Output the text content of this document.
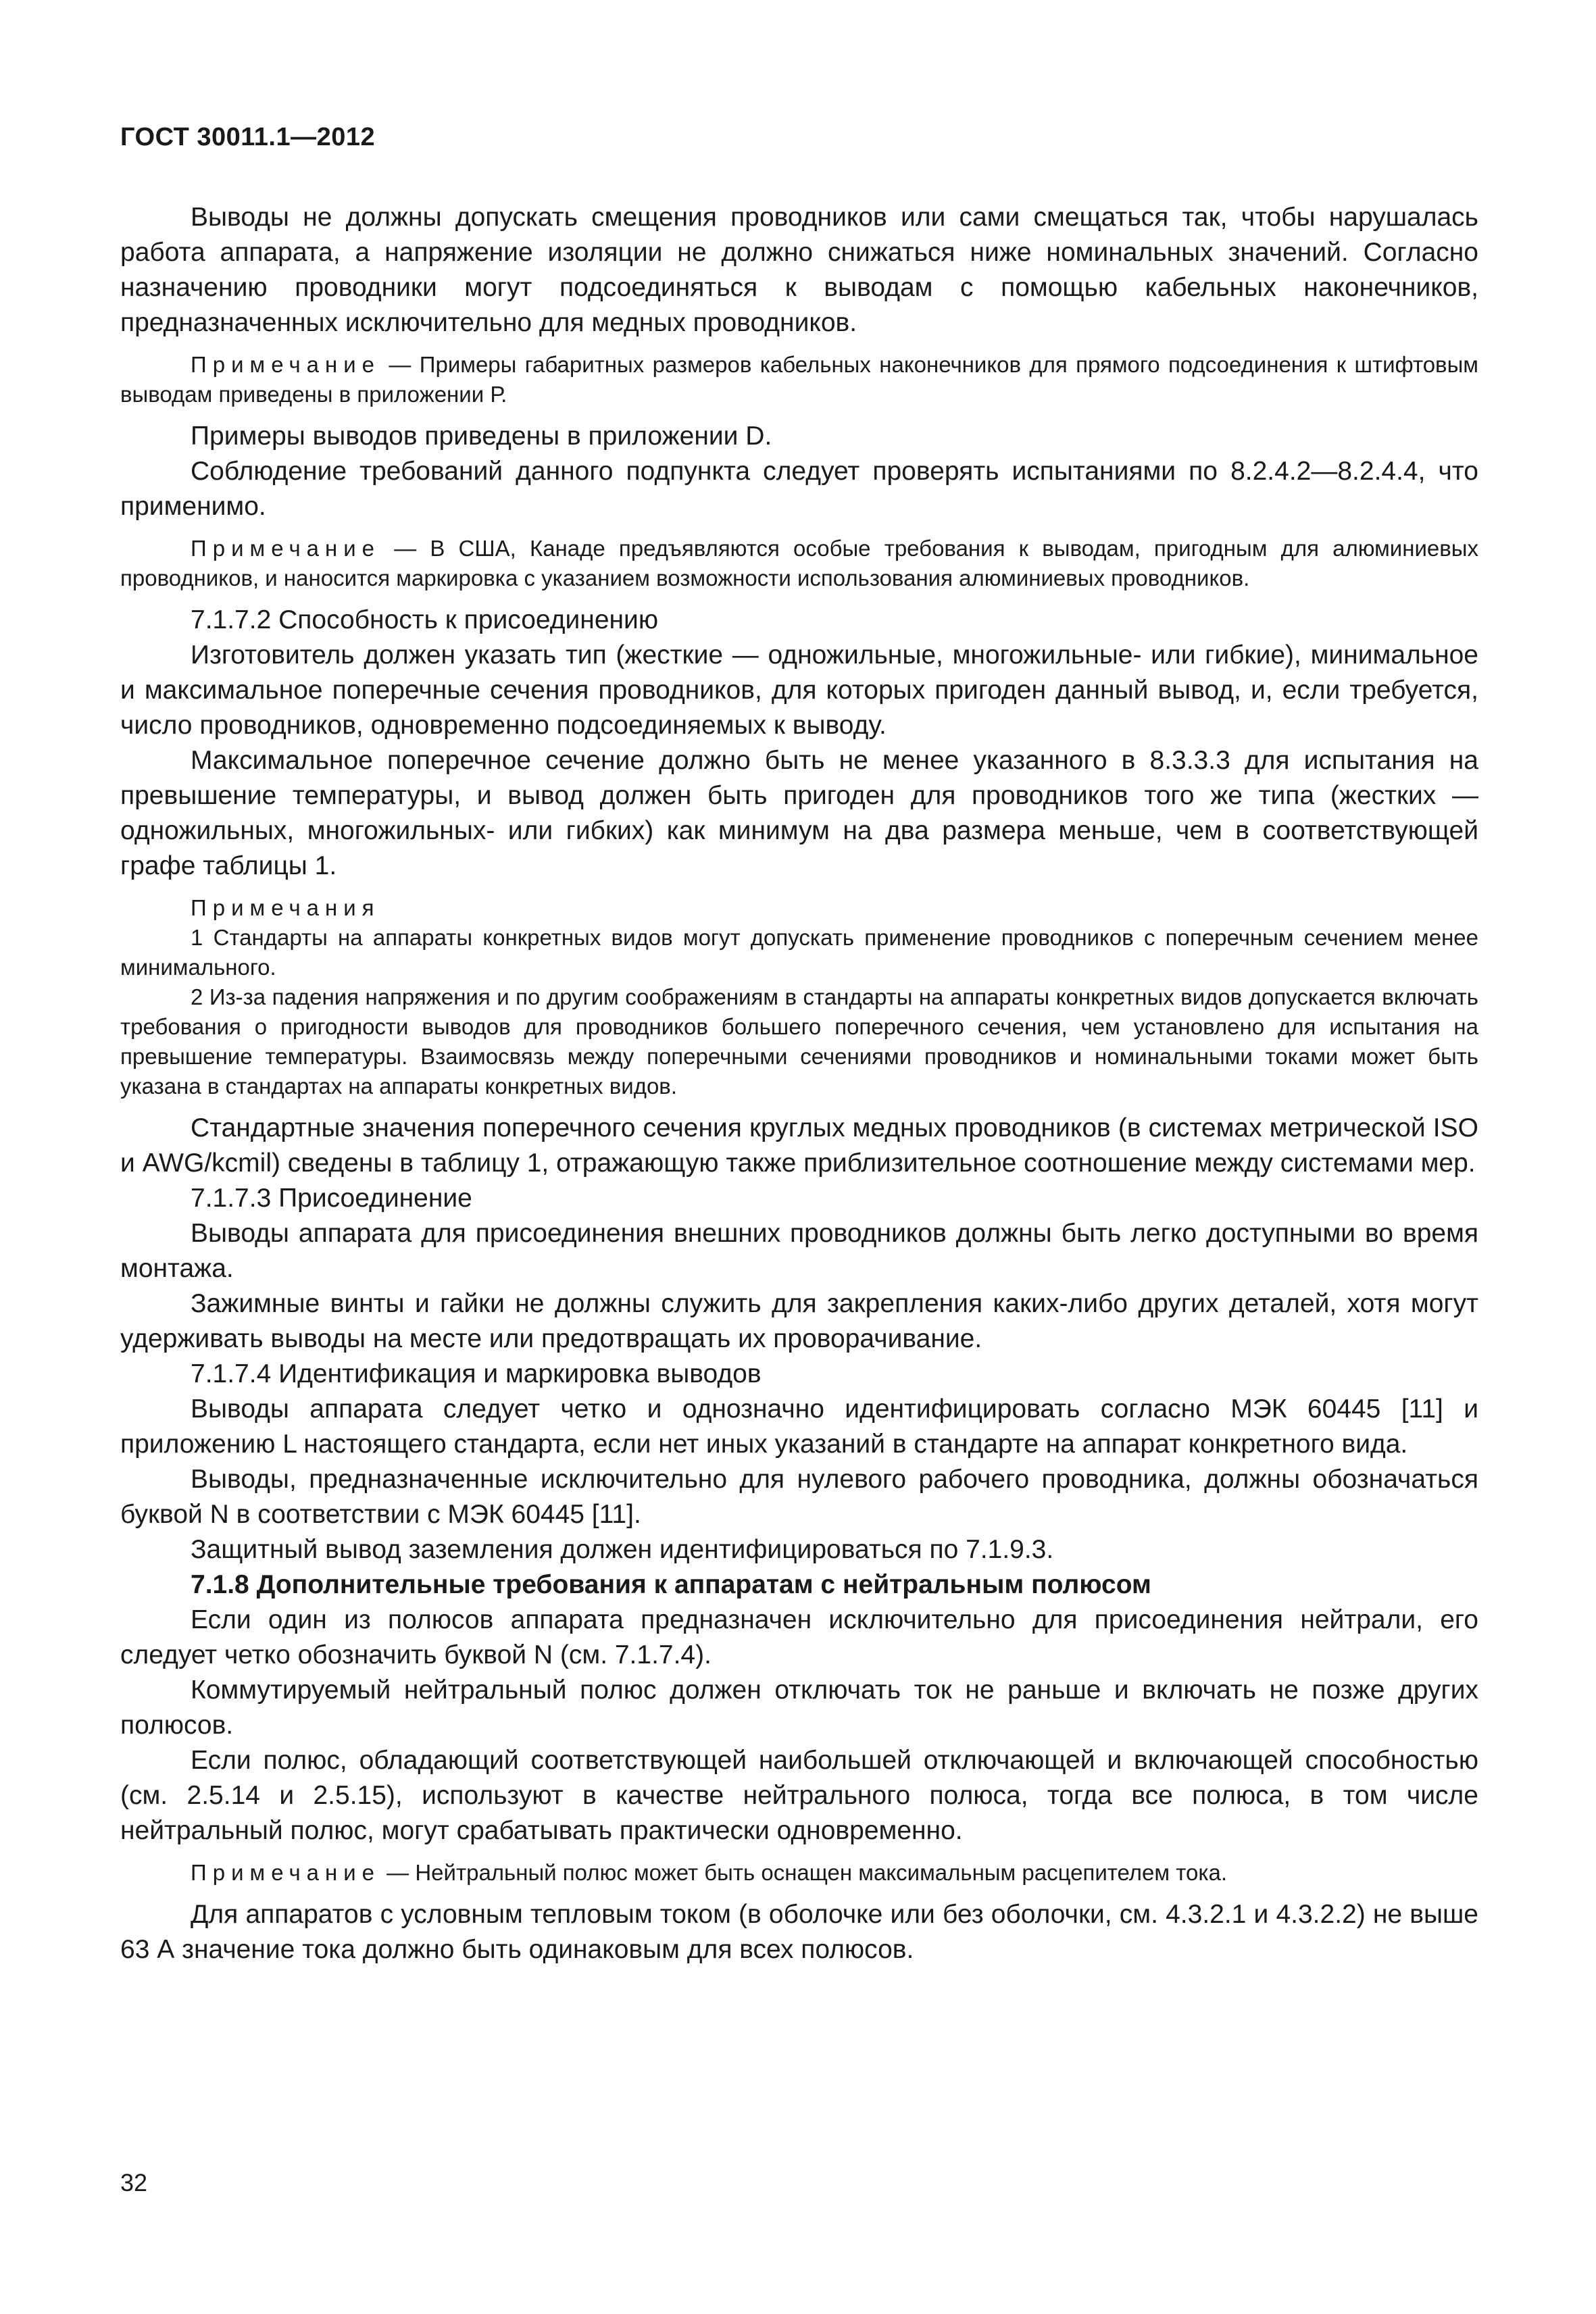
ГОСТ 30011.1—2012

Выводы не должны допускать смещения проводников или сами смещаться так, чтобы нарушалась работа аппарата, а напряжение изоляции не должно снижаться ниже номинальных значений. Согласно назначению проводники могут подсоединяться к выводам с помощью кабельных наконечников, предназначенных исключительно для медных проводников.

Примечание — Примеры габаритных размеров кабельных наконечников для прямого подсоединения к штифтовым выводам приведены в приложении Р.

Примеры выводов приведены в приложении D.

Соблюдение требований данного подпункта следует проверять испытаниями по 8.2.4.2—8.2.4.4, что применимо.

Примечание — В США, Канаде предъявляются особые требования к выводам, пригодным для алюминиевых проводников, и наносится маркировка с указанием возможности использования алюминиевых проводников.

7.1.7.2 Способность к присоединению

Изготовитель должен указать тип (жесткие — одножильные, многожильные- или гибкие), минимальное и максимальное поперечные сечения проводников, для которых пригоден данный вывод, и, если требуется, число проводников, одновременно подсоединяемых к выводу.

Максимальное поперечное сечение должно быть не менее указанного в 8.3.3.3 для испытания на превышение температуры, и вывод должен быть пригоден для проводников того же типа (жестких — одножильных, многожильных- или гибких) как минимум на два размера меньше, чем в соответствующей графе таблицы 1.

Примечания

1 Стандарты на аппараты конкретных видов могут допускать применение проводников с поперечным сечением менее минимального.

2 Из-за падения напряжения и по другим соображениям в стандарты на аппараты конкретных видов допускается включать требования о пригодности выводов для проводников большего поперечного сечения, чем установлено для испытания на превышение температуры. Взаимосвязь между поперечными сечениями проводников и номинальными токами может быть указана в стандартах на аппараты конкретных видов.

Стандартные значения поперечного сечения круглых медных проводников (в системах метрической ISO и AWG/kcmil) сведены в таблицу 1, отражающую также приблизительное соотношение между системами мер.

7.1.7.3 Присоединение

Выводы аппарата для присоединения внешних проводников должны быть легко доступными во время монтажа.

Зажимные винты и гайки не должны служить для закрепления каких-либо других деталей, хотя могут удерживать выводы на месте или предотвращать их проворачивание.

7.1.7.4 Идентификация и маркировка выводов

Выводы аппарата следует четко и однозначно идентифицировать согласно МЭК 60445 [11] и приложению L настоящего стандарта, если нет иных указаний в стандарте на аппарат конкретного вида.

Выводы, предназначенные исключительно для нулевого рабочего проводника, должны обозначаться буквой N в соответствии с МЭК 60445 [11].

Защитный вывод заземления должен идентифицироваться по 7.1.9.3.

7.1.8 Дополнительные требования к аппаратам с нейтральным полюсом

Если один из полюсов аппарата предназначен исключительно для присоединения нейтрали, его следует четко обозначить буквой N (см. 7.1.7.4).

Коммутируемый нейтральный полюс должен отключать ток не раньше и включать не позже других полюсов.

Если полюс, обладающий соответствующей наибольшей отключающей и включающей способностью (см. 2.5.14 и 2.5.15), используют в качестве нейтрального полюса, тогда все полюса, в том числе нейтральный полюс, могут срабатывать практически одновременно.

Примечание — Нейтральный полюс может быть оснащен максимальным расцепителем тока.

Для аппаратов с условным тепловым током (в оболочке или без оболочки, см. 4.3.2.1 и 4.3.2.2) не выше 63 А значение тока должно быть одинаковым для всех полюсов.

32
